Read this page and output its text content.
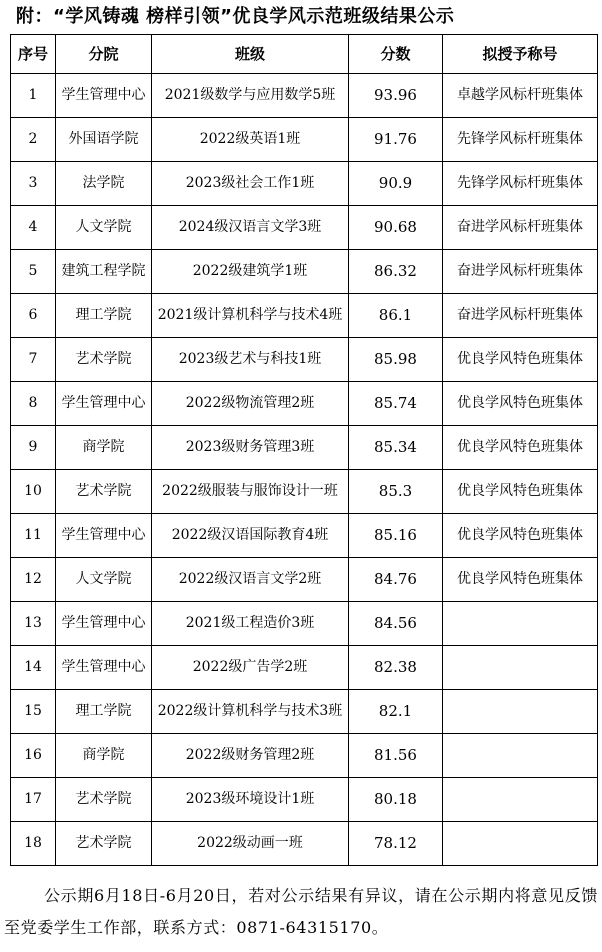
附：“学风铸魂 榜样引领”优良学风示范班级结果公示
序号	分院	班级	分数	拟授予称号
1	学生管理中心	2021级数学与应用数学5班	93.96	卓越学风标杆班集体
2	外国语学院	2022级英语1班	91.76	先锋学风标杆班集体
3	法学院	2023级社会工作1班	90.9	先锋学风标杆班集体
4	人文学院	2024级汉语言文学3班	90.68	奋进学风标杆班集体
5	建筑工程学院	2022级建筑学1班	86.32	奋进学风标杆班集体
6	理工学院	2021级计算机科学与技术4班	86.1	奋进学风标杆班集体
7	艺术学院	2023级艺术与科技1班	85.98	优良学风特色班集体
8	学生管理中心	2022级物流管理2班	85.74	优良学风特色班集体
9	商学院	2023级财务管理3班	85.34	优良学风特色班集体
10	艺术学院	2022级服装与服饰设计一班	85.3	优良学风特色班集体
11	学生管理中心	2022级汉语国际教育4班	85.16	优良学风特色班集体
12	人文学院	2022级汉语言文学2班	84.76	优良学风特色班集体
13	学生管理中心	2021级工程造价3班	84.56	
14	学生管理中心	2022级广告学2班	82.38	
15	理工学院	2022级计算机科学与技术3班	82.1	
16	商学院	2022级财务管理2班	81.56	
17	艺术学院	2023级环境设计1班	80.18	
18	艺术学院	2022级动画一班	78.12	
公示期6月18日-6月20日，若对公示结果有异议，请在公示期内将意见反馈至党委学生工作部，联系方式：0871-64315170。
